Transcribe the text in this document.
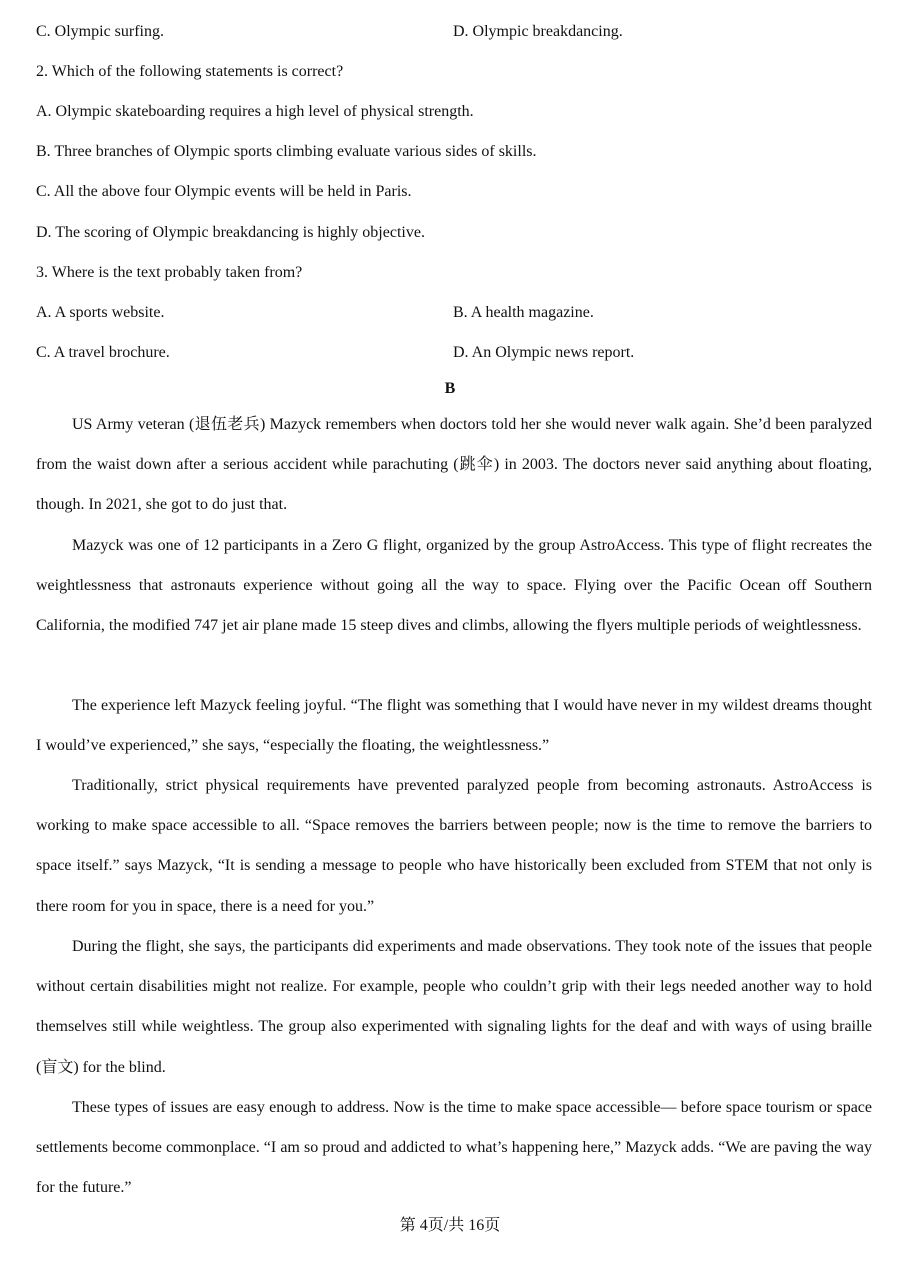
C. Olympic surfing.	D. Olympic breakdancing.
2. Which of the following statements is correct?
A. Olympic skateboarding requires a high level of physical strength.
B. Three branches of Olympic sports climbing evaluate various sides of skills.
C. All the above four Olympic events will be held in Paris.
D. The scoring of Olympic breakdancing is highly objective.
3. Where is the text probably taken from?
A. A sports website.	B. A health magazine.
C. A travel brochure.	D. An Olympic news report.
B

US Army veteran (退伍老兵) Mazyck remembers when doctors told her she would never walk again. She’d been paralyzed from the waist down after a serious accident while parachuting (跳伞) in 2003. The doctors never said anything about floating, though. In 2021, she got to do just that.

Mazyck was one of 12 participants in a Zero G flight, organized by the group AstroAccess. This type of flight recreates the weightlessness that astronauts experience without going all the way to space. Flying over the Pacific Ocean off Southern California, the modified 747 jet air plane made 15 steep dives and climbs, allowing the flyers multiple periods of weightlessness.

The experience left Mazyck feeling joyful. “The flight was something that I would have never in my wildest dreams thought I would’ve experienced,” she says, “especially the floating, the weightlessness.”

Traditionally, strict physical requirements have prevented paralyzed people from becoming astronauts. AstroAccess is working to make space accessible to all. “Space removes the barriers between people; now is the time to remove the barriers to space itself.” says Mazyck, “It is sending a message to people who have historically been excluded from STEM that not only is there room for you in space, there is a need for you.”

During the flight, she says, the participants did experiments and made observations. They took note of the issues that people without certain disabilities might not realize. For example, people who couldn’t grip with their legs needed another way to hold themselves still while weightless. The group also experimented with signaling lights for the deaf and with ways of using braille (盲文) for the blind.

These types of issues are easy enough to address. Now is the time to make space accessible— before space tourism or space settlements become commonplace. “I am so proud and addicted to what’s happening here,” Mazyck adds. “We are paving the way for the future.”

第 4页/共 16页
